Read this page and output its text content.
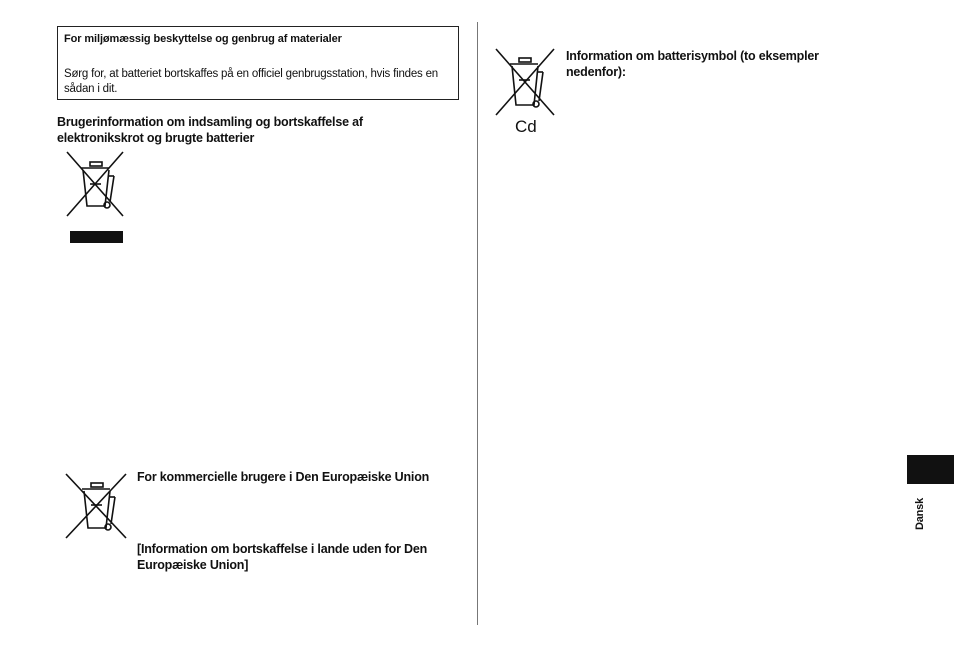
For miljømæssig beskyttelse og genbrug af materialer
Sørg for, at batteriet bortskaffes på en officiel genbrugsstation, hvis findes en sådan i dit.
Brugerinformation om indsamling og bortskaffelse af elektronikskrot og brugte batterier
For kommercielle brugere i Den Europæiske Union
[Information om bortskaffelse i lande uden for Den Europæiske Union]
Cd
Information om batterisymbol (to eksempler nedenfor):
Dansk
